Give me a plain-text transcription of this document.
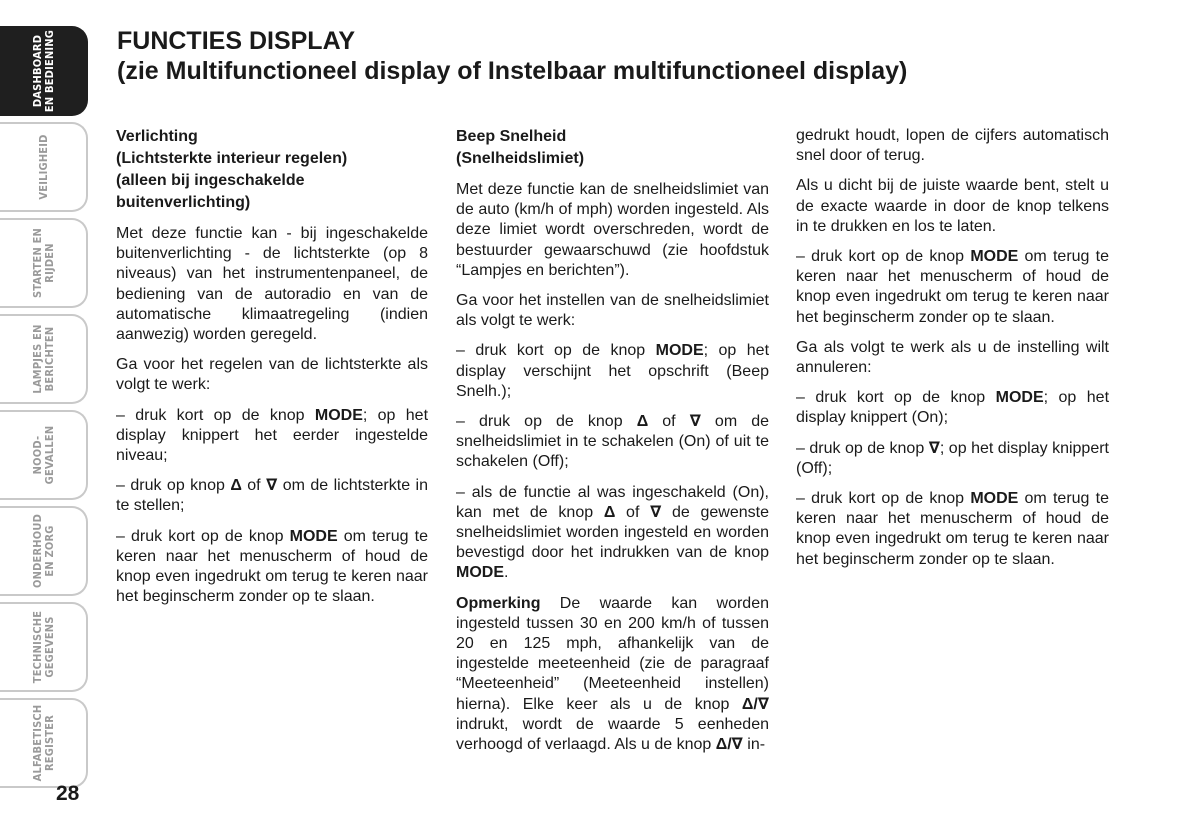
DASHBOARD
EN BEDIENING
VEILIGHEID
STARTEN EN
RIJDEN
LAMPJES EN
BERICHTEN
NOOD-
GEVALLEN
ONDERHOUD
EN ZORG
TECHNISCHE
GEGEVENS
ALFABETISCH
REGISTER
28
FUNCTIES DISPLAY
(zie Multifunctioneel display of Instelbaar multifunctioneel display)
Verlichting
(Lichtsterkte interieur regelen)
(alleen bij ingeschakelde
buitenverlichting)

Met deze functie kan - bij ingeschakelde buitenverlichting - de lichtsterkte (op 8 niveaus) van het instrumentenpaneel, de bediening van de autoradio en van de automatische klimaatregeling (indien aanwezig) worden geregeld.

Ga voor het regelen van de lichtsterkte als volgt te werk:

– druk kort op de knop MODE; op het display knippert het eerder ingestelde niveau;

– druk op knop Δ of ∇ om de lichtsterkte in te stellen;

– druk kort op de knop MODE om terug te keren naar het menuscherm of houd de knop even ingedrukt om terug te keren naar het beginscherm zonder op te slaan.

Beep Snelheid
(Snelheidslimiet)

Met deze functie kan de snelheidslimiet van de auto (km/h of mph) worden ingesteld. Als deze limiet wordt overschreden, wordt de bestuurder gewaarschuwd (zie hoofdstuk “Lampjes en berichten”).

Ga voor het instellen van de snelheidslimiet als volgt te werk:

– druk kort op de knop MODE; op het display verschijnt het opschrift (Beep Snelh.);

– druk op de knop Δ of ∇ om de snelheidslimiet in te schakelen (On) of uit te schakelen (Off);

– als de functie al was ingeschakeld (On), kan met de knop Δ of ∇ de gewenste snelheidslimiet worden ingesteld en worden bevestigd door het indrukken van de knop MODE.

Opmerking De waarde kan worden ingesteld tussen 30 en 200 km/h of tussen 20 en 125 mph, afhankelijk van de ingestelde meeteenheid (zie de paragraaf “Meeteenheid” (Meeteenheid instellen) hierna). Elke keer als u de knop Δ/∇ indrukt, wordt de waarde 5 eenheden verhoogd of verlaagd. Als u de knop Δ/∇ in-

gedrukt houdt, lopen de cijfers automatisch snel door of terug.

Als u dicht bij de juiste waarde bent, stelt u de exacte waarde in door de knop telkens in te drukken en los te laten.

– druk kort op de knop MODE om terug te keren naar het menuscherm of houd de knop even ingedrukt om terug te keren naar het beginscherm zonder op te slaan.

Ga als volgt te werk als u de instelling wilt annuleren:

– druk kort op de knop MODE; op het display knippert (On);

– druk op de knop ∇; op het display knippert (Off);

– druk kort op de knop MODE om terug te keren naar het menuscherm of houd de knop even ingedrukt om terug te keren naar het beginscherm zonder op te slaan.
